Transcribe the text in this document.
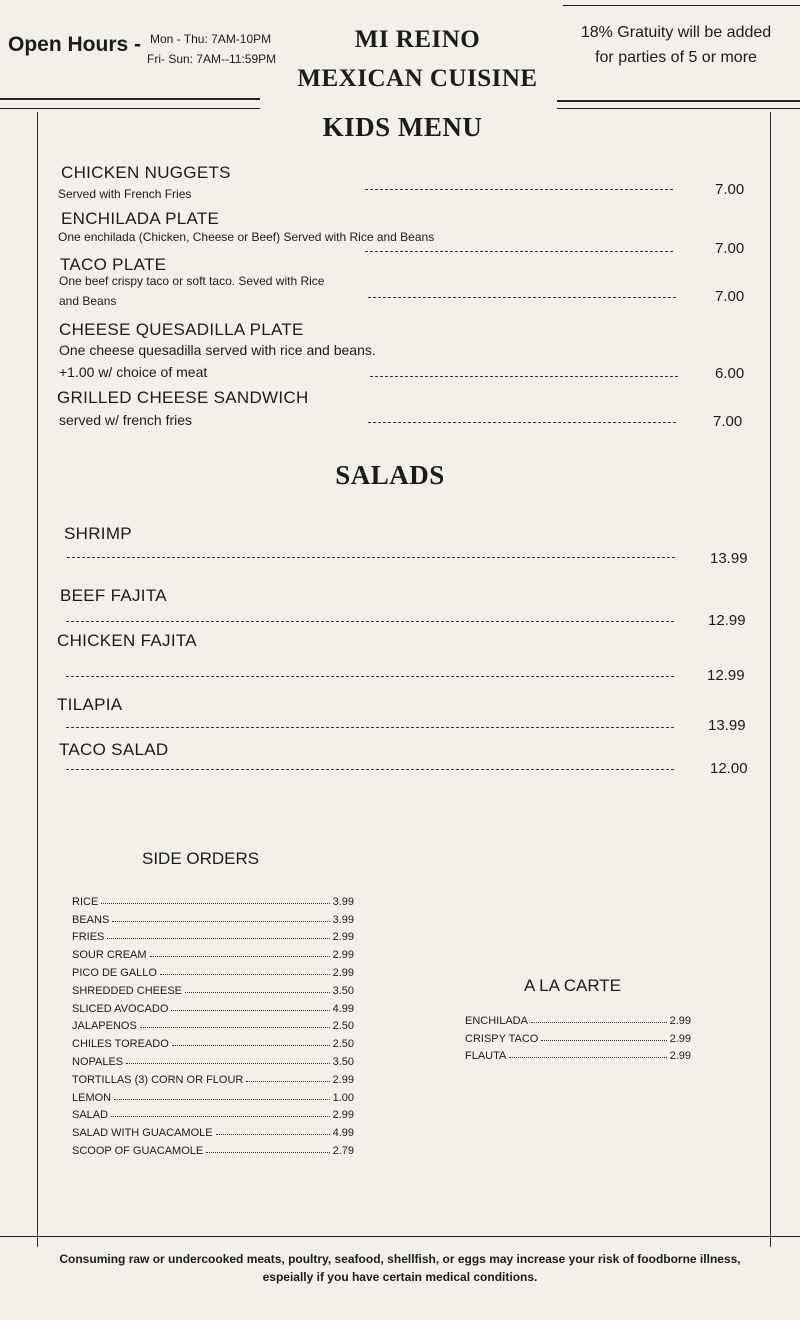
Open Hours - Mon - Thu: 7AM-10PM
Fri- Sun: 7AM--11:59PM
MI REINO
MEXICAN CUISINE
18% Gratuity will be added for parties of 5 or more
KIDS MENU
CHICKEN NUGGETS
Served with French Fries	7.00
ENCHILADA PLATE
One enchilada (Chicken, Cheese or Beef) Served with Rice and Beans
7.00
TACO PLATE
One beef crispy taco or soft taco. Seved with Rice
and Beans	7.00
CHEESE QUESADILLA PLATE
One cheese quesadilla served with rice and beans.
+1.00 w/ choice of meat	6.00
GRILLED CHEESE SANDWICH
served w/ french fries	7.00
SALADS
SHRIMP
13.99
BEEF FAJITA
12.99
CHICKEN FAJITA
12.99
TILAPIA
13.99
TACO SALAD
12.00
SIDE ORDERS
RICE	3.99
BEANS	3.99
FRIES	2.99
SOUR CREAM	2.99
PICO DE GALLO	2.99
SHREDDED CHEESE	3.50
SLICED AVOCADO	4.99
JALAPENOS	2.50
CHILES TOREADO	2.50
NOPALES	3.50
TORTILLAS (3) CORN OR FLOUR	2.99
LEMON	1.00
SALAD	2.99
SALAD WITH GUACAMOLE	4.99
SCOOP OF GUACAMOLE	2.79
A LA CARTE
ENCHILADA	2.99
CRISPY TACO	2.99
FLAUTA	2.99
Consuming raw or undercooked meats, poultry, seafood, shellfish, or eggs may increase your risk of foodborne illness,
espeially if you have certain medical conditions.
